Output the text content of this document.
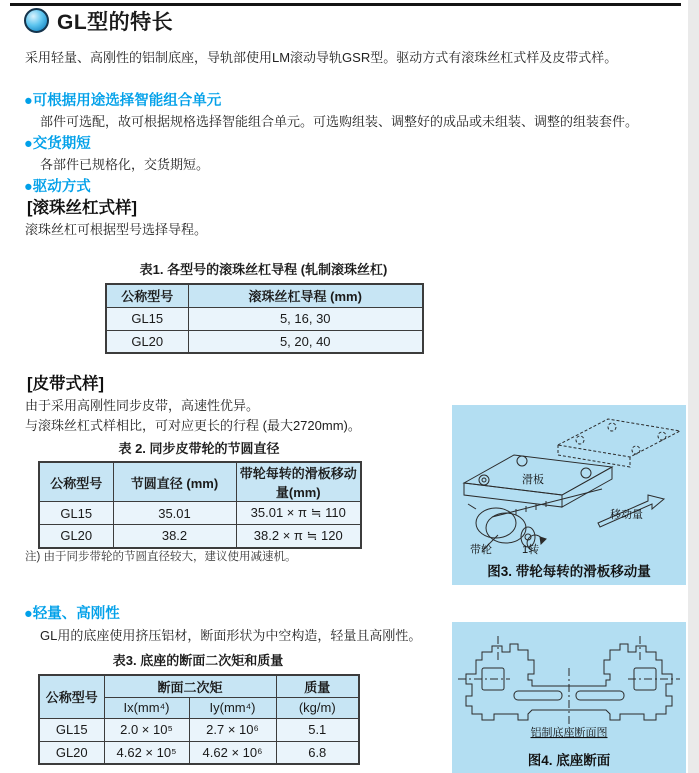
GL型的特长
采用轻量、高刚性的铝制底座，导轨部使用LM滚动导轨GSR型。驱动方式有滚珠丝杠式样及皮带式样。
●可根据用途选择智能组合单元
部件可选配，故可根据规格选择智能组合单元。可选购组装、调整好的成品或未组装、调整的组装套件。
●交货期短
各部件已规格化，交货期短。
●驱动方式
[滚珠丝杠式样]
滚珠丝杠可根据型号选择导程。
表1. 各型号的滚珠丝杠导程 (轧制滚珠丝杠)
公称型号	滚珠丝杠导程 (mm)
GL15	5, 16, 30
GL20	5, 20, 40
[皮带式样]
由于采用高刚性同步皮带，高速性优异。
与滚珠丝杠式样相比，可对应更长的行程 (最大2720mm)。
表 2. 同步皮带轮的节圆直径
公称型号	节圆直径 (mm)	带轮每转的滑板移动量(mm)
GL15	35.01	35.01 × π ≒ 110
GL20	38.2	38.2 × π ≒ 120
注) 由于同步带轮的节圆直径较大，建议使用减速机。
滑板
移动量
带轮	1转
图3. 带轮每转的滑板移动量
●轻量、高刚性
GL用的底座使用挤压铝材，断面形状为中空构造，轻量且高刚性。
表3. 底座的断面二次矩和质量
公称型号	断面二次矩		质量
	Ix(mm⁴)	Iy(mm⁴)	(kg/m)
GL15	2.0 × 10⁵	2.7 × 10⁶	5.1
GL20	4.62 × 10⁵	4.62 × 10⁶	6.8
铝制底座断面图
图4. 底座断面
